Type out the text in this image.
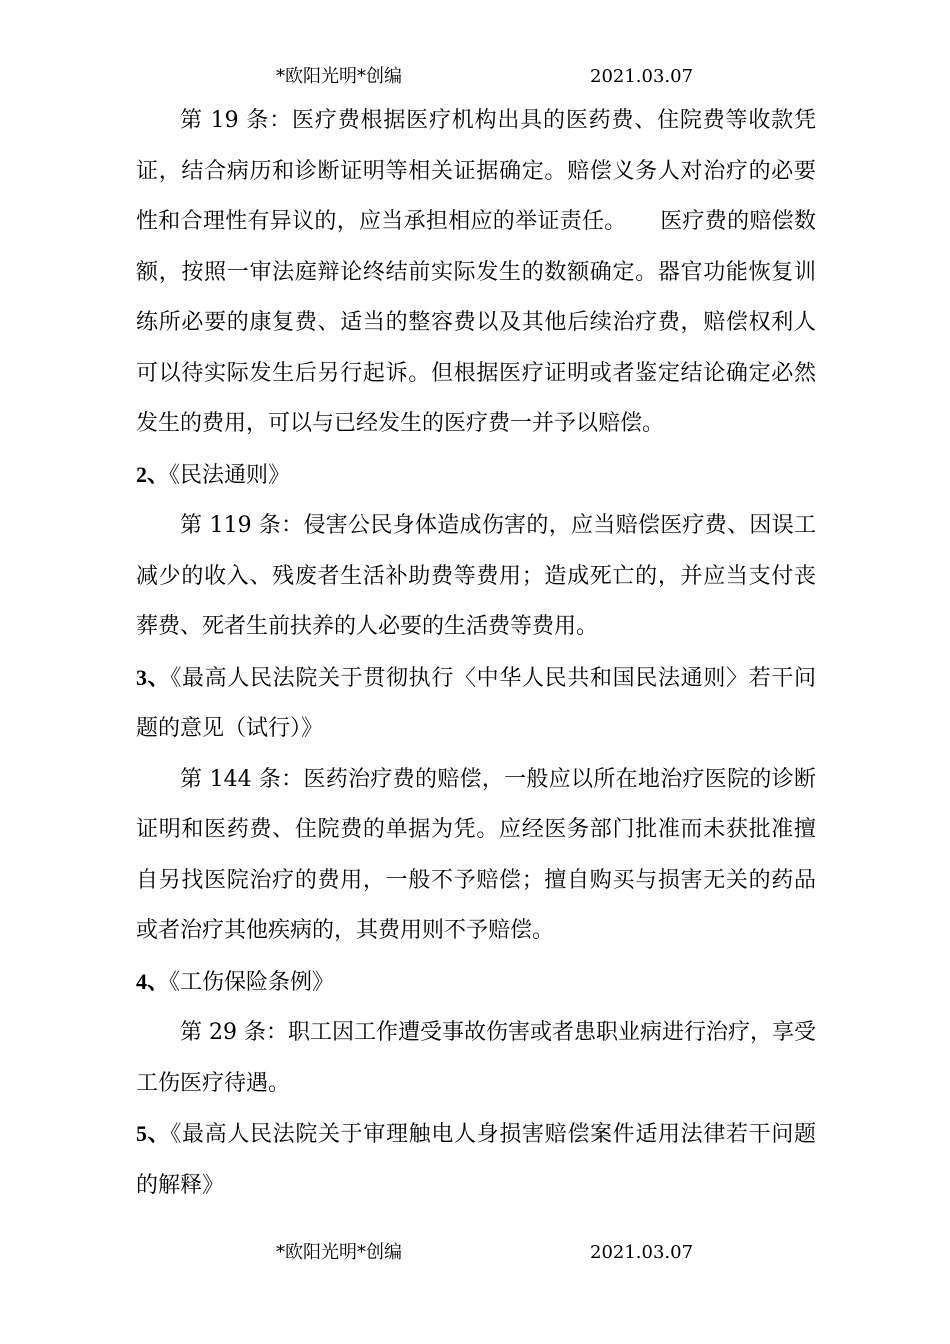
*欧阳光明*创编	2021.03.07

第 19 条：医疗费根据医疗机构出具的医药费、住院费等收款凭证，结合病历和诊断证明等相关证据确定。赔偿义务人对治疗的必要性和合理性有异议的，应当承担相应的举证责任。　　医疗费的赔偿数额，按照一审法庭辩论终结前实际发生的数额确定。器官功能恢复训练所必要的康复费、适当的整容费以及其他后续治疗费，赔偿权利人可以待实际发生后另行起诉。但根据医疗证明或者鉴定结论确定必然发生的费用，可以与已经发生的医疗费一并予以赔偿。

2、《民法通则》

第 119 条：侵害公民身体造成伤害的，应当赔偿医疗费、因误工减少的收入、残废者生活补助费等费用；造成死亡的，并应当支付丧葬费、死者生前扶养的人必要的生活费等费用。

3、《最高人民法院关于贯彻执行〈中华人民共和国民法通则〉若干问题的意见（试行）》

第 144 条：医药治疗费的赔偿，一般应以所在地治疗医院的诊断证明和医药费、住院费的单据为凭。应经医务部门批准而未获批准擅自另找医院治疗的费用，一般不予赔偿；擅自购买与损害无关的药品或者治疗其他疾病的，其费用则不予赔偿。

4、《工伤保险条例》

第 29 条：职工因工作遭受事故伤害或者患职业病进行治疗，享受工伤医疗待遇。

5、《最高人民法院关于审理触电人身损害赔偿案件适用法律若干问题的解释》

*欧阳光明*创编	2021.03.07
